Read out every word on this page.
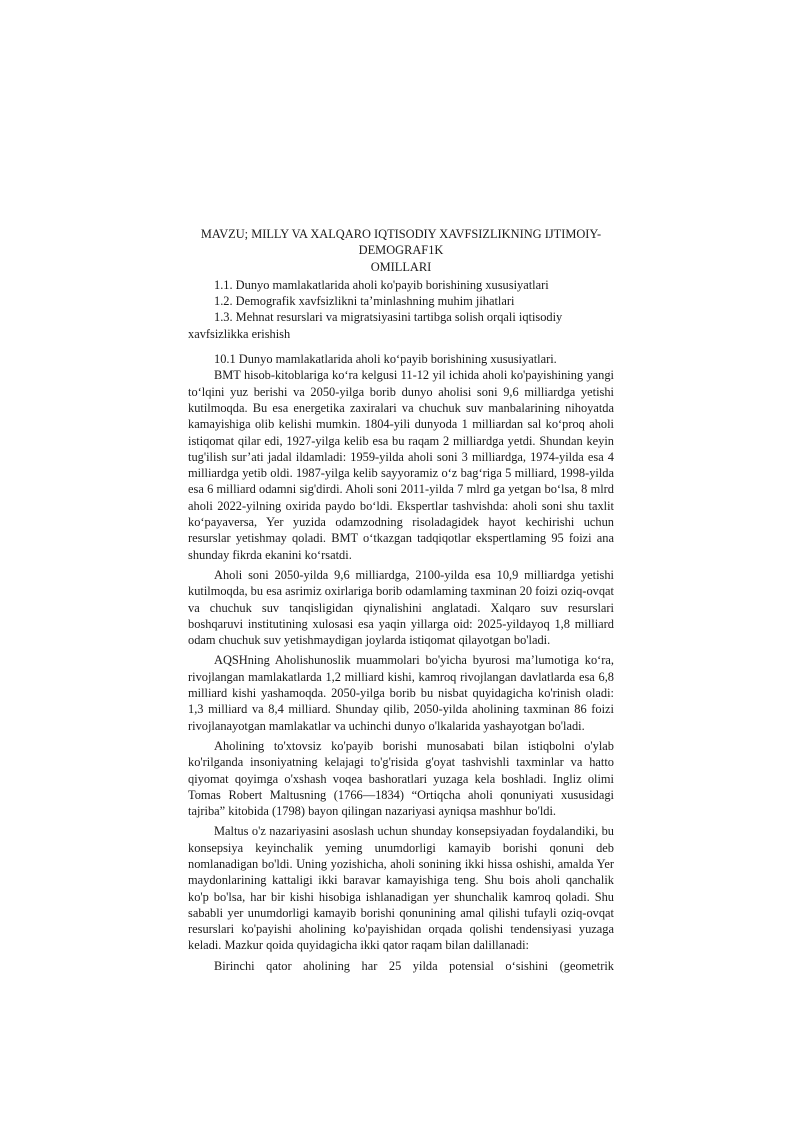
MAVZU; MILLY VA XALQARO IQTISODIY XAVFSIZLIKNING IJTIMOIY-
DEMOGRAF1K
OMILLARI
1.1. Dunyo mamlakatlarida aholi ko'payib borishining xususiyatlari
1.2. Demografik xavfsizlikni ta’minlashning muhim jihatlari
1.3. Mehnat resurslari va migratsiyasini tartibga solish orqali iqtisodiy xavfsizlikka erishish
10.1 Dunyo mamlakatlarida aholi ko‘payib borishining xususiyatlari.

BMT hisob-kitoblariga ko‘ra kelgusi 11-12 yil ichida aholi ko'payishining yangi to‘lqini yuz berishi va 2050-yilga borib dunyo aholisi soni 9,6 milliardga yetishi kutilmoqda. Bu esa energetika zaxiralari va chuchuk suv manbalarining nihoyatda kamayishiga olib kelishi mumkin. 1804-yili dunyoda 1 milliardan sal ko‘proq aholi istiqomat qilar edi, 1927-yilga kelib esa bu raqam 2 milliardga yetdi. Shundan keyin tug'ilish sur’ati jadal ildamladi: 1959-yilda aholi soni 3 milliardga, 1974-yilda esa 4 milliardga yetib oldi. 1987-yilga kelib sayyoramiz o‘z bag‘riga 5 milliard, 1998-yilda esa 6 milliard odamni sig'dirdi. Aholi soni 2011-yilda 7 mlrd ga yetgan bo‘lsa, 8 mlrd aholi 2022-yilning oxirida paydo bo‘ldi. Ekspertlar tashvishda: aholi soni shu taxlit ko‘payaversa, Yer yuzida odamzodning risoladagidek hayot kechirishi uchun resurslar yetishmay qoladi. BMT o‘tkazgan tadqiqotlar ekspertlaming 95 foizi ana shunday fikrda ekanini ko‘rsatdi.

Aholi soni 2050-yilda 9,6 milliardga, 2100-yilda esa 10,9 milliardga yetishi kutilmoqda, bu esa asrimiz oxirlariga borib odamlaming taxminan 20 foizi oziq-ovqat va chuchuk suv tanqisligidan qiynalishini anglatadi. Xalqaro suv resurslari boshqaruvi institutining xulosasi esa yaqin yillarga oid: 2025-yildayoq 1,8 milliard odam chuchuk suv yetishmaydigan joylarda istiqomat qilayotgan bo'ladi.

AQSHning Aholishunoslik muammolari bo'yicha byurosi ma’lumotiga ko‘ra, rivojlangan mamlakatlarda 1,2 milliard kishi, kamroq rivojlangan davlatlarda esa 6,8 milliard kishi yashamoqda. 2050-yilga borib bu nisbat quyidagicha ko'rinish oladi: 1,3 milliard va 8,4 milliard. Shunday qilib, 2050-yilda aholining taxminan 86 foizi rivojlanayotgan mamlakatlar va uchinchi dunyo o'lkalarida yashayotgan bo'ladi.

Aholining to'xtovsiz ko'payib borishi munosabati bilan istiqbolni o'ylab ko'rilganda insoniyatning kelajagi to'g'risida g'oyat tashvishli taxminlar va hatto qiyomat qoyimga o'xshash voqea bashoratlari yuzaga kela boshladi. Ingliz olimi Tomas Robert Maltusning (1766—1834) “Ortiqcha aholi qonuniyati xususidagi tajriba” kitobida (1798) bayon qilingan nazariyasi ayniqsa mashhur bo'ldi.

Maltus o'z nazariyasini asoslash uchun shunday konsepsiyadan foydalandiki, bu konsepsiya keyinchalik yeming unumdorligi kamayib borishi qonuni deb nomlanadigan bo'ldi. Uning yozishicha, aholi sonining ikki hissa oshishi, amalda Yer maydonlarining kattaligi ikki baravar kamayishiga teng. Shu bois aholi qanchalik ko'p bo'lsa, har bir kishi hisobiga ishlanadigan yer shunchalik kamroq qoladi. Shu sababli yer unumdorligi kamayib borishi qonunining amal qilishi tufayli oziq-ovqat resurslari ko'payishi aholining ko'payishidan orqada qolishi tendensiyasi yuzaga keladi. Mazkur qoida quyidagicha ikki qator raqam bilan dalillanadi:

Birinchi qator aholining har 25 yilda potensial o‘sishini (geometrik
